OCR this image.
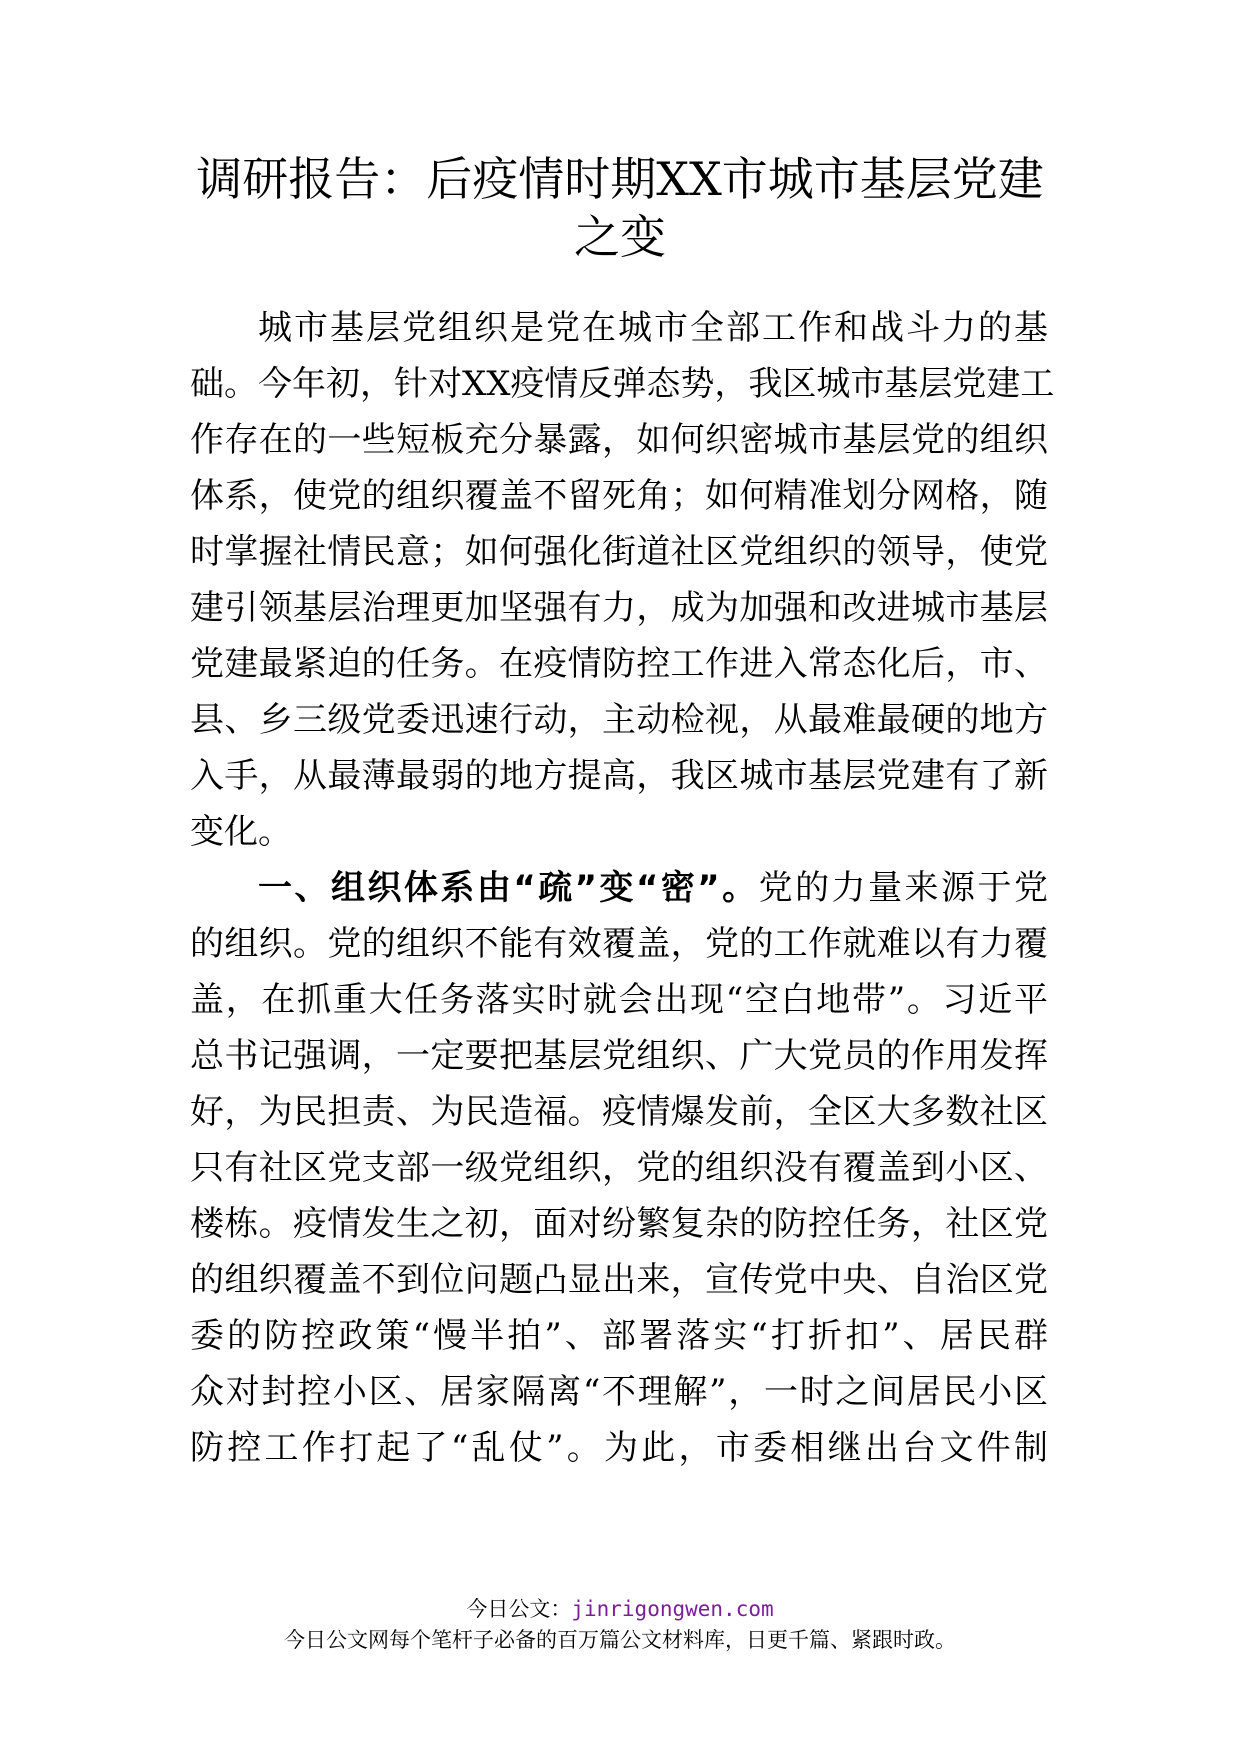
调研报告：后疫情时期XX市城市基层党建
之变

城市基层党组织是党在城市全部工作和战斗力的基

础。今年初，针对XX疫情反弹态势，我区城市基层党建工

作存在的一些短板充分暴露，如何织密城市基层党的组织

体系，使党的组织覆盖不留死角；如何精准划分网格，随

时掌握社情民意；如何强化街道社区党组织的领导，使党

建引领基层治理更加坚强有力，成为加强和改进城市基层

党建最紧迫的任务。在疫情防控工作进入常态化后，市、

县、乡三级党委迅速行动，主动检视，从最难最硬的地方

入手，从最薄最弱的地方提高，我区城市基层党建有了新

变化。

一、组织体系由“疏”变“密”。党的力量来源于党

的组织。党的组织不能有效覆盖，党的工作就难以有力覆

盖，在抓重大任务落实时就会出现“空白地带”。习近平

总书记强调，一定要把基层党组织、广大党员的作用发挥

好，为民担责、为民造福。疫情爆发前，全区大多数社区

只有社区党支部一级党组织，党的组织没有覆盖到小区、

楼栋。疫情发生之初，面对纷繁复杂的防控任务，社区党

的组织覆盖不到位问题凸显出来，宣传党中央、自治区党

委的防控政策“慢半拍”、部署落实“打折扣”、居民群

众对封控小区、居家隔离“不理解”，一时之间居民小区

防控工作打起了“乱仗”。为此，市委相继出台文件制

今日公文：jinrigongwen.com
今日公文网每个笔杆子必备的百万篇公文材料库，日更千篇、紧跟时政。
